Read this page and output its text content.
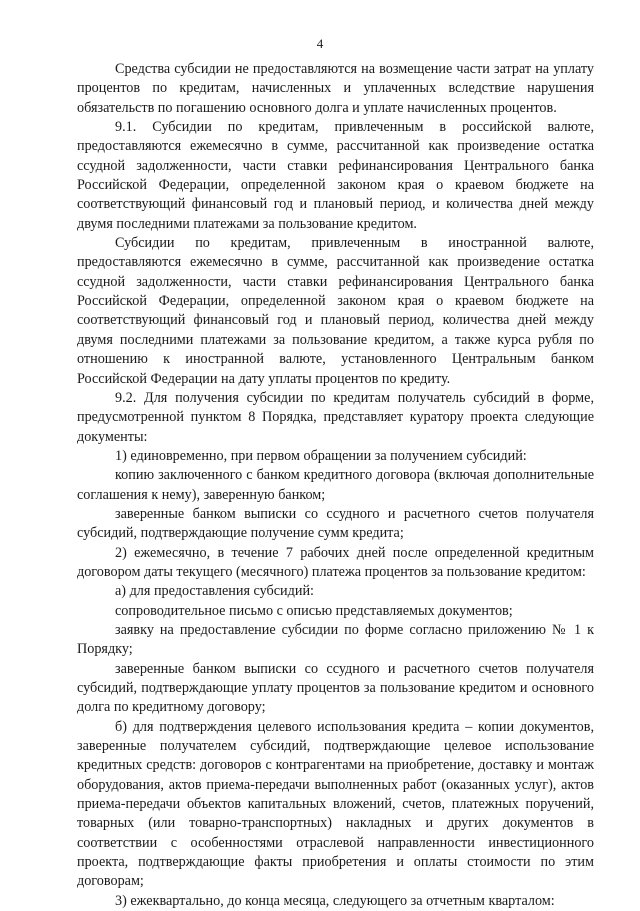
4

Средства субсидии не предоставляются на возмещение части затрат на уплату процентов по кредитам, начисленных и уплаченных вследствие нарушения обязательств по погашению основного долга и уплате начисленных процентов.

9.1. Субсидии по кредитам, привлеченным в российской валюте, предоставляются ежемесячно в сумме, рассчитанной как произведение остатка ссудной задолженности, части ставки рефинансирования Центрального банка Российской Федерации, определенной законом края о краевом бюджете на соответствующий финансовый год и плановый период, и количества дней между двумя последними платежами за пользование кредитом.

Субсидии по кредитам, привлеченным в иностранной валюте, предоставляются ежемесячно в сумме, рассчитанной как произведение остатка ссудной задолженности, части ставки рефинансирования Центрального банка Российской Федерации, определенной законом края о краевом бюджете на соответствующий финансовый год и плановый период, количества дней между двумя последними платежами за пользование кредитом, а также курса рубля по отношению к иностранной валюте, установленного Центральным банком Российской Федерации на дату уплаты процентов по кредиту.

9.2. Для получения субсидии по кредитам получатель субсидий в форме, предусмотренной пунктом 8 Порядка, представляет куратору проекта следующие документы:

1) единовременно, при первом обращении за получением субсидий:

копию заключенного с банком кредитного договора (включая дополнительные соглашения к нему), заверенную банком;

заверенные банком выписки со ссудного и расчетного счетов получателя субсидий, подтверждающие получение сумм кредита;

2) ежемесячно, в течение 7 рабочих дней после определенной кредитным договором даты текущего (месячного) платежа процентов за пользование кредитом:

а) для предоставления субсидий:

сопроводительное письмо с описью представляемых документов;

заявку на предоставление субсидии по форме согласно приложению № 1 к Порядку;

заверенные банком выписки со ссудного и расчетного счетов получателя субсидий, подтверждающие уплату процентов за пользование кредитом и основного долга по кредитному договору;

б) для подтверждения целевого использования кредита – копии документов, заверенные получателем субсидий, подтверждающие целевое использование кредитных средств: договоров с контрагентами на приобретение, доставку и монтаж оборудования, актов приема-передачи выполненных работ (оказанных услуг), актов приема-передачи объектов капитальных вложений, счетов, платежных поручений, товарных (или товарно-транспортных) накладных и других документов в соответствии с особенностями отраслевой направленности инвестиционного проекта, подтверждающие факты приобретения и оплаты стоимости по этим договорам;

3) ежеквартально, до конца месяца, следующего за отчетным кварталом:
